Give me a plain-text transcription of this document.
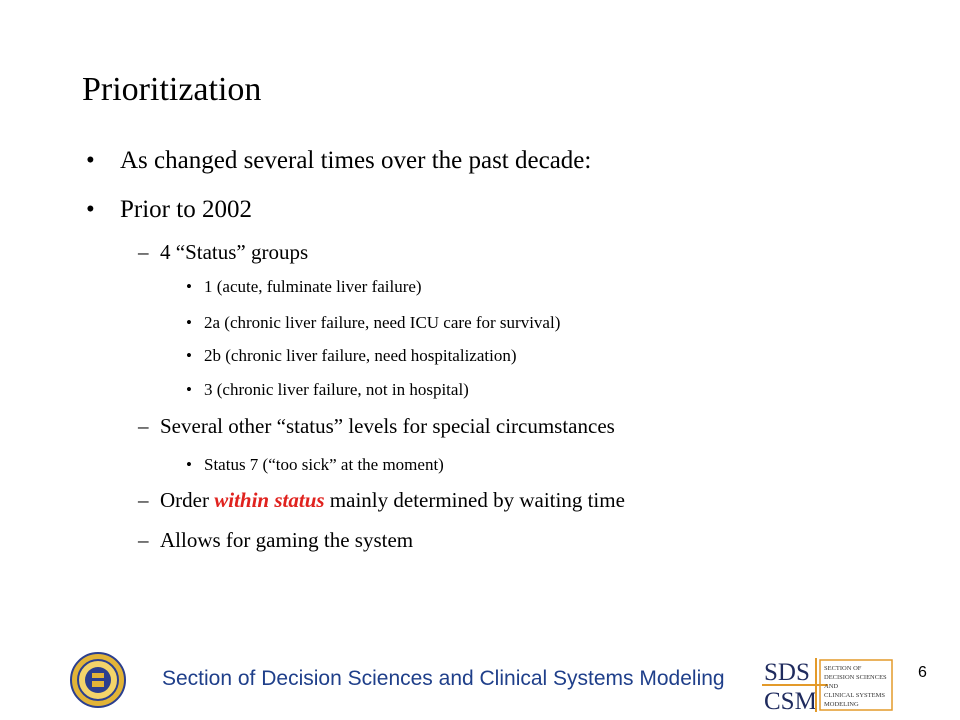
Prioritization
• As changed several times over the past decade:
• Prior to 2002
– 4 “Status” groups
• 1 (acute, fulminate liver failure)
• 2a (chronic liver failure, need ICU care for survival)
• 2b (chronic liver failure, need hospitalization)
• 3 (chronic liver failure, not in hospital)
– Several other “status” levels for special circumstances
• Status 7 (“too sick” at the moment)
– Order within status mainly determined by waiting time
– Allows for gaming the system
Section of Decision Sciences and Clinical Systems Modeling SDS
CSM
SECTION OF
DECISION SCIENCES
AND
CLINICAL SYSTEMS
MODELING
6
